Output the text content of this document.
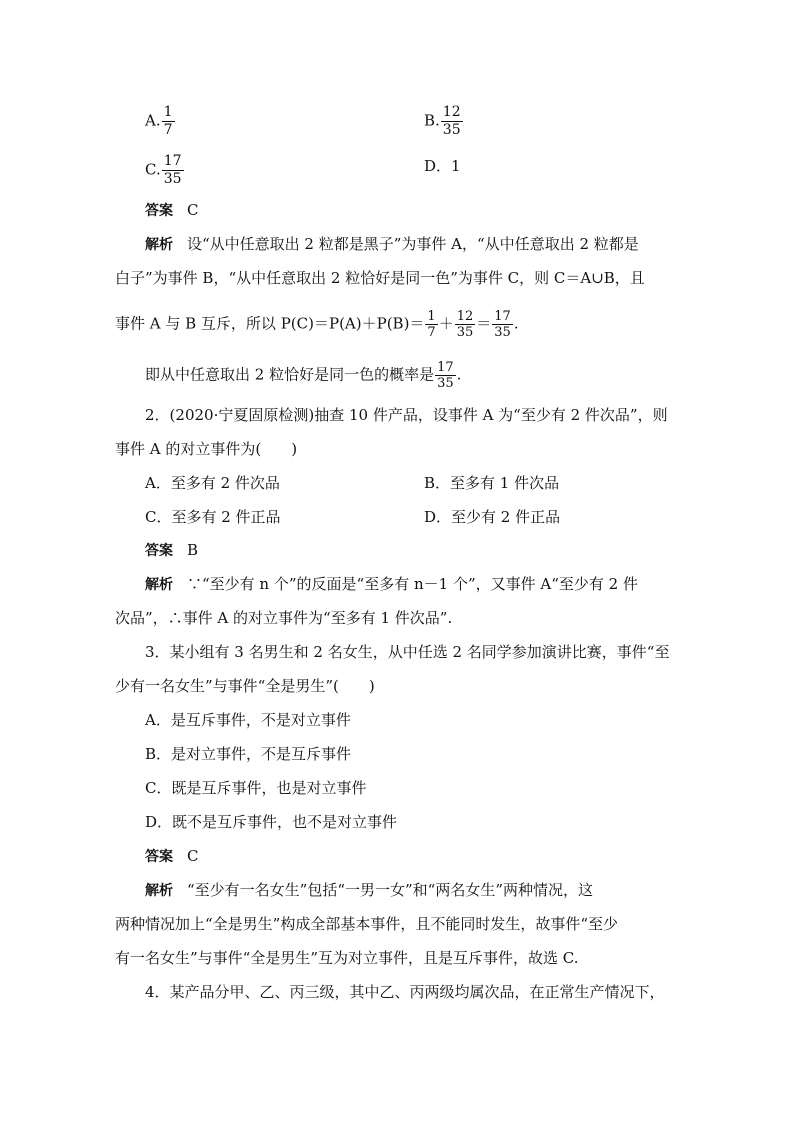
A. $\frac{1}{7}$	B. $\frac{12}{35}$
C. $\frac{17}{35}$	D．1
答案 C
解析 设“从中任意取出 2 粒都是黑子”为事件 A，“从中任意取出 2 粒都是
白子”为事件 B，“从中任意取出 2 粒恰好是同一色”为事件 C，则 C＝A∪B，且
事件 A 与 B 互斥，所以 $P(C)=P(A)+P(B)= \frac{1}{7} + \frac{12}{35} = \frac{17}{35}$ .
即从中任意取出 2 粒恰好是同一色的概率是 $\frac{17}{35}$ .
2．(2020·宁夏固原检测)抽查 10 件产品，设事件 A 为“至少有 2 件次品”，则
事件 A 的对立事件为(　　)
A．至多有 2 件次品	B．至多有 1 件次品
C．至多有 2 件正品	D．至少有 2 件正品
答案 B
解析 ∵“至少有 n 个”的反面是“至多有 n－1 个”，又事件 A“至少有 2 件
次品”，∴事件 A 的对立事件为“至多有 1 件次品”.
3．某小组有 3 名男生和 2 名女生，从中任选 2 名同学参加演讲比赛，事件“至
少有一名女生”与事件“全是男生”(　　)
A．是互斥事件，不是对立事件
B．是对立事件，不是互斥事件
C．既是互斥事件，也是对立事件
D．既不是互斥事件，也不是对立事件
答案 C
解析 “至少有一名女生”包括“一男一女”和“两名女生”两种情况，这
两种情况加上“全是男生”构成全部基本事件，且不能同时发生，故事件“至少
有一名女生”与事件“全是男生”互为对立事件，且是互斥事件，故选 C.
4．某产品分甲、乙、丙三级，其中乙、丙两级均属次品，在正常生产情况下，
